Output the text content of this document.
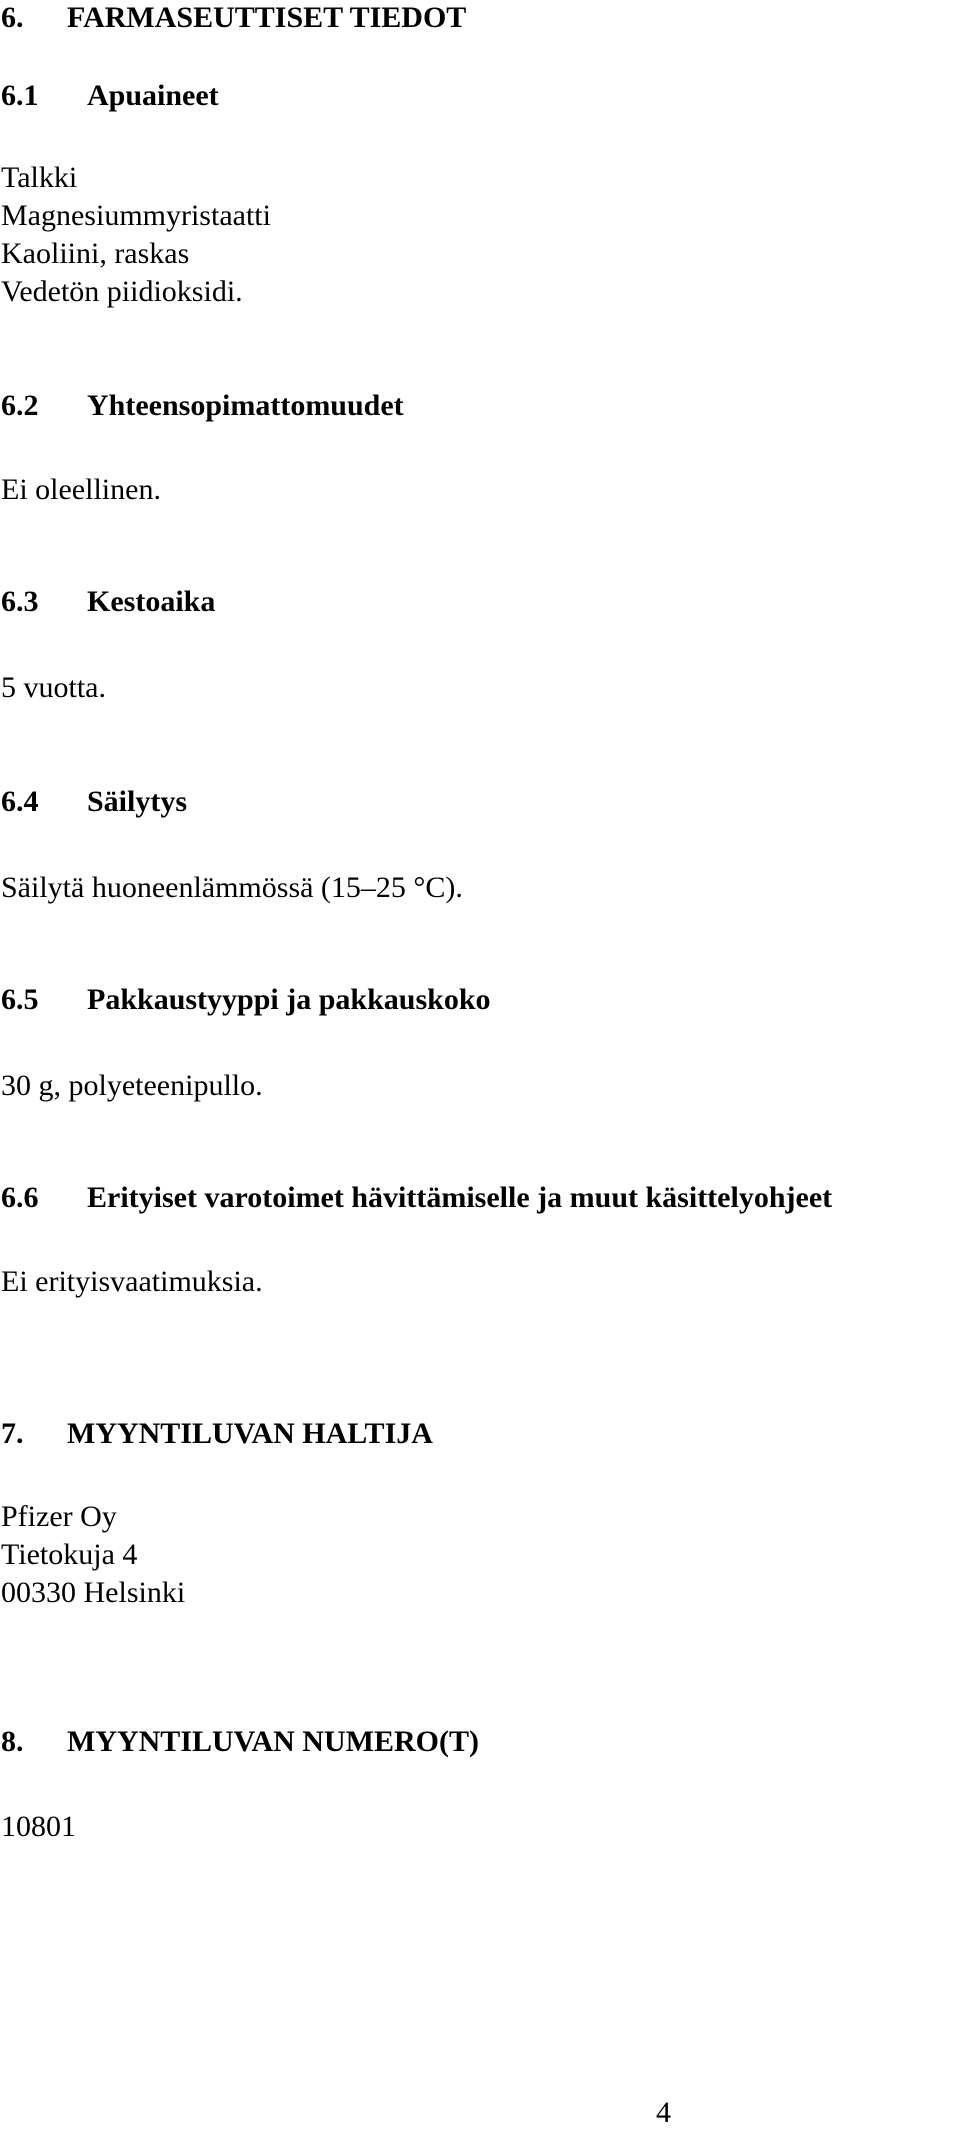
6. FARMASEUTTISET TIEDOT
6.1 Apuaineet
Talkki
Magnesiummyristaatti
Kaoliini, raskas
Vedetön piidioksidi.
6.2 Yhteensopimattomuudet
Ei oleellinen.
6.3 Kestoaika
5 vuotta.
6.4 Säilytys
Säilytä huoneenlämmössä (15–25 °C).
6.5 Pakkaustyyppi ja pakkauskoko
30 g, polyeteenipullo.
6.6 Erityiset varotoimet hävittämiselle ja muut käsittelyohjeet
Ei erityisvaatimuksia.
7. MYYNTILUVAN HALTIJA
Pfizer Oy
Tietokuja 4
00330 Helsinki
8. MYYNTILUVAN NUMERO(T)
10801
4
